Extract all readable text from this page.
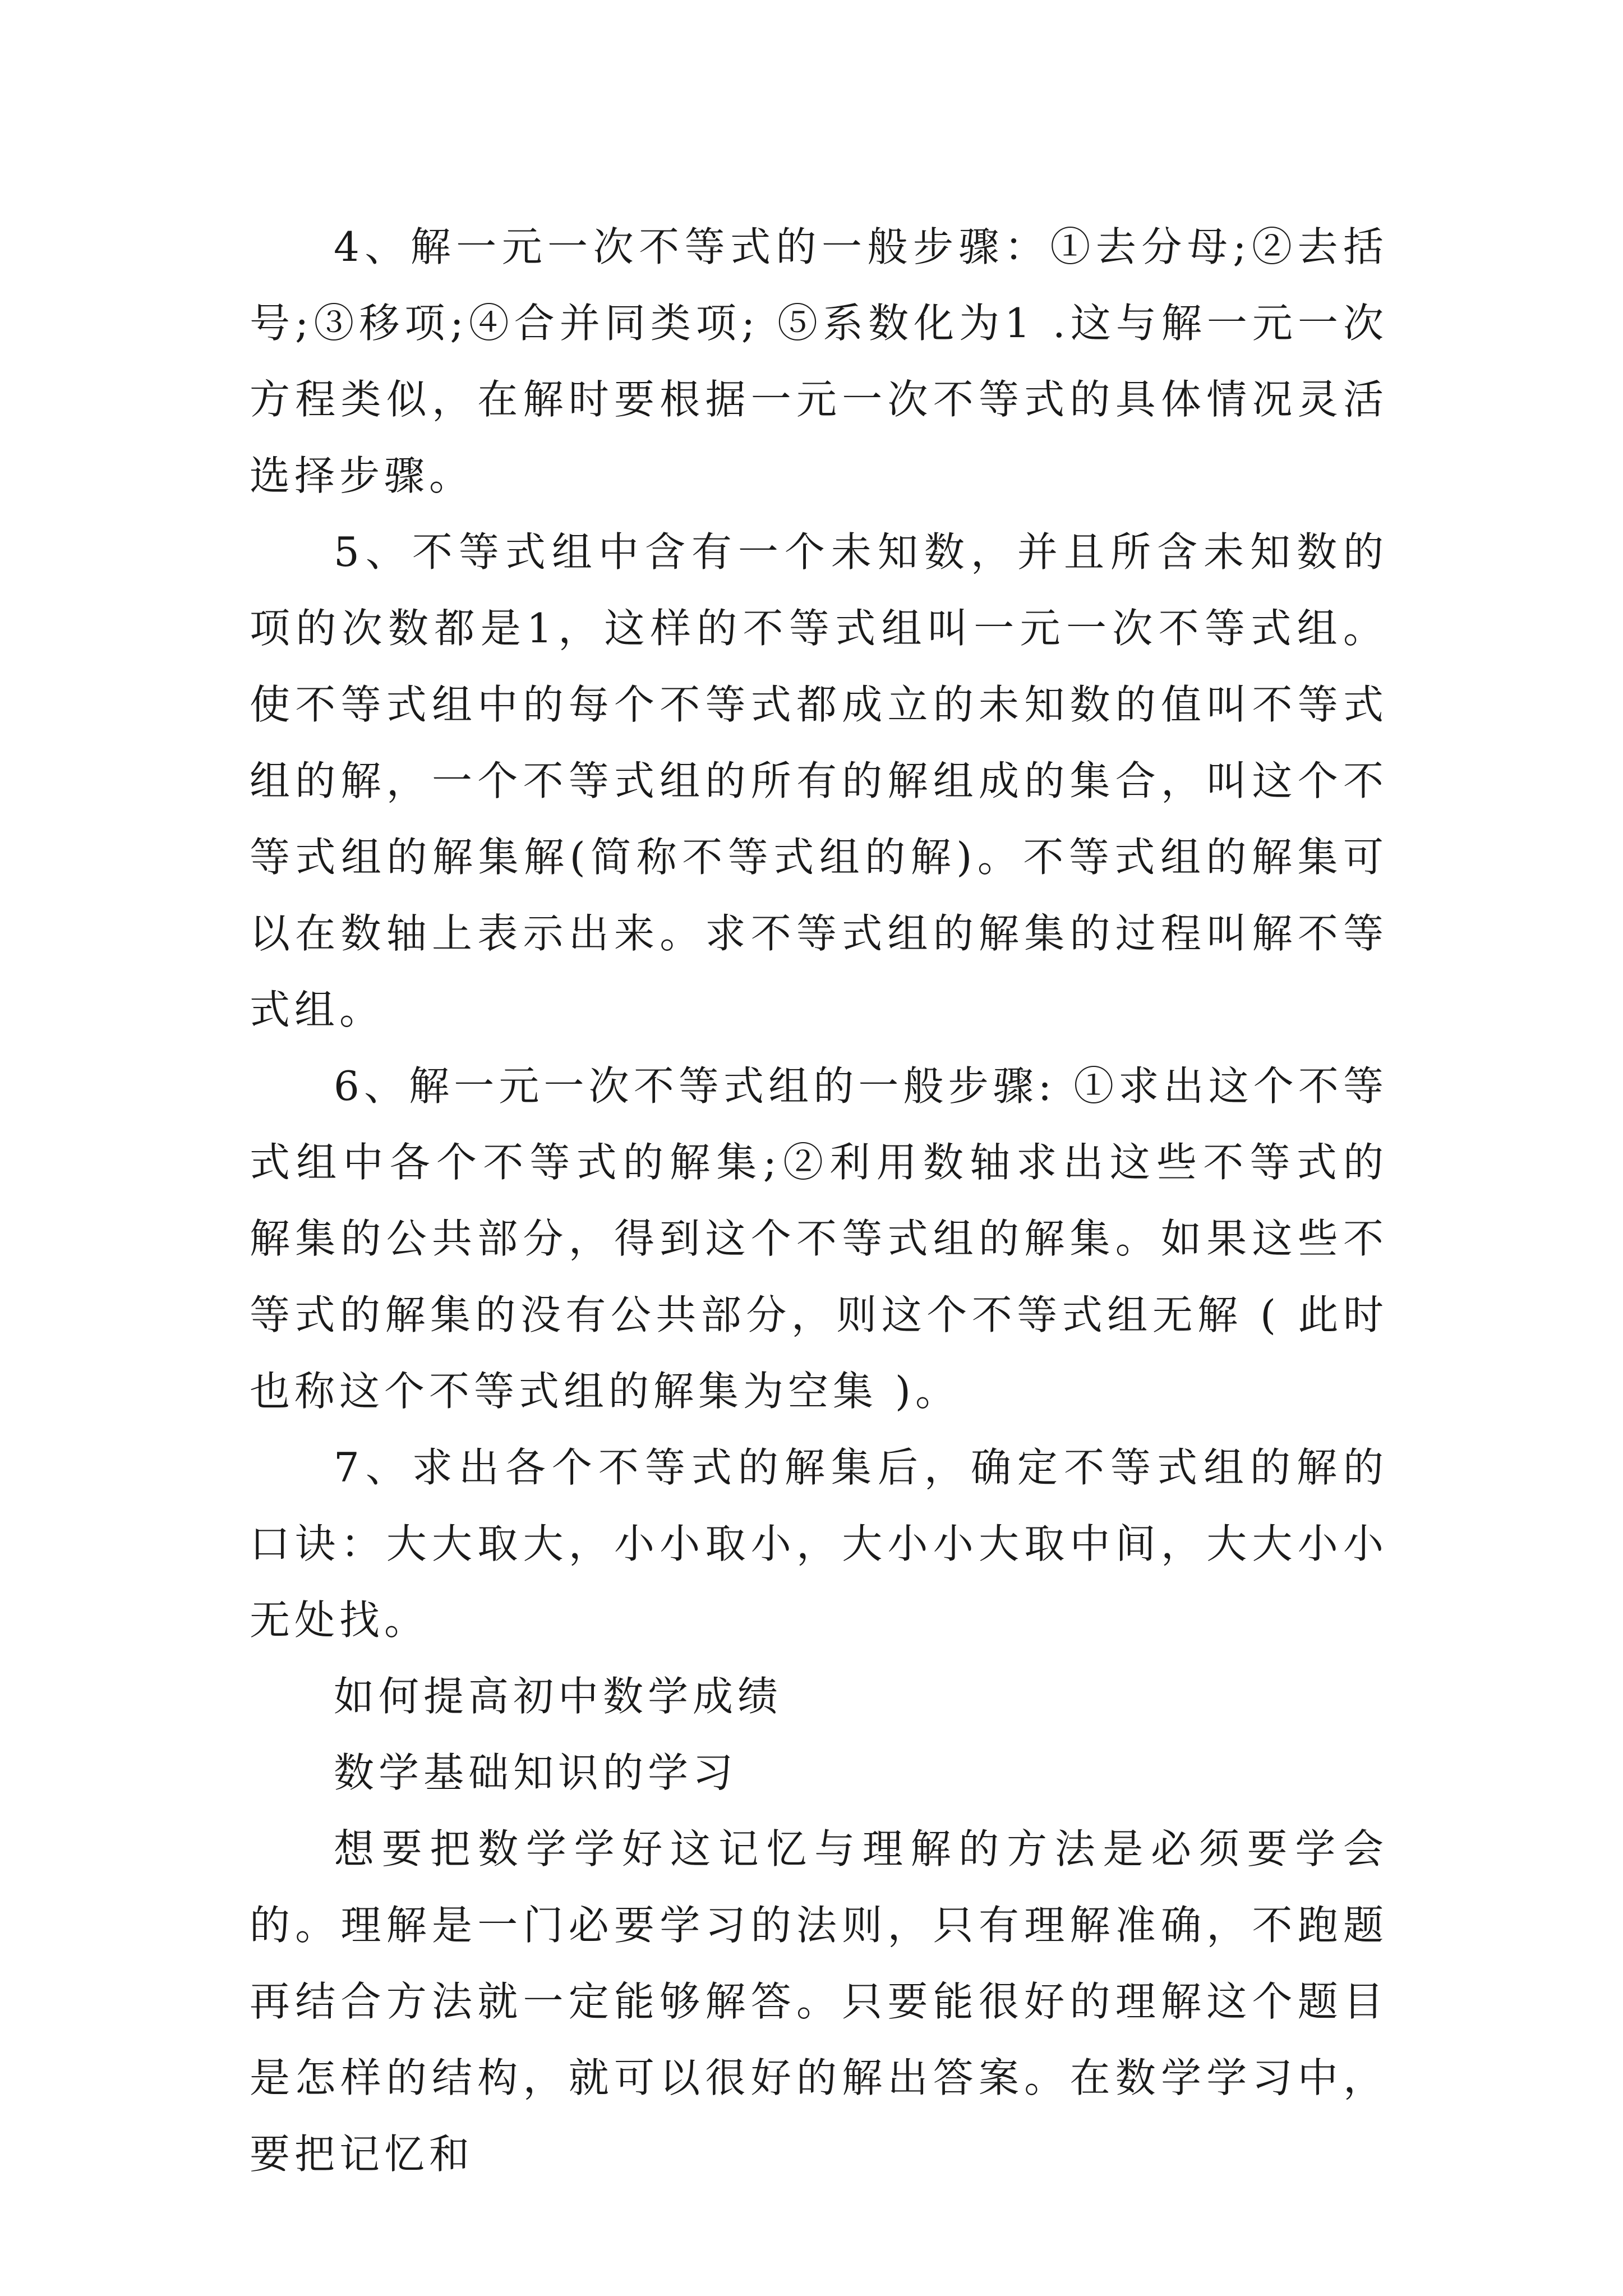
4、解一元一次不等式的一般步骤：①去分母;②去括号;③移项;④合并同类项; ⑤系数化为1 .这与解一元一次方程类似，在解时要根据一元一次不等式的具体情况灵活选择步骤。

5、不等式组中含有一个未知数，并且所含未知数的项的次数都是1，这样的不等式组叫一元一次不等式组。使不等式组中的每个不等式都成立的未知数的值叫不等式组的解，一个不等式组的所有的解组成的集合，叫这个不等式组的解集解(简称不等式组的解)。不等式组的解集可以在数轴上表示出来。求不等式组的解集的过程叫解不等式组。

6、解一元一次不等式组的一般步骤: ①求出这个不等式组中各个不等式的解集;②利用数轴求出这些不等式的解集的公共部分，得到这个不等式组的解集。如果这些不等式的解集的没有公共部分，则这个不等式组无解 ( 此时也称这个不等式组的解集为空集 )。

7、求出各个不等式的解集后，确定不等式组的解的口诀：大大取大，小小取小，大小小大取中间，大大小小无处找。

如何提高初中数学成绩

数学基础知识的学习

想要把数学学好这记忆与理解的方法是必须要学会的。理解是一门必要学习的法则，只有理解准确，不跑题再结合方法就一定能够解答。只要能很好的理解这个题目是怎样的结构，就可以很好的解出答案。在数学学习中，要把记忆和
